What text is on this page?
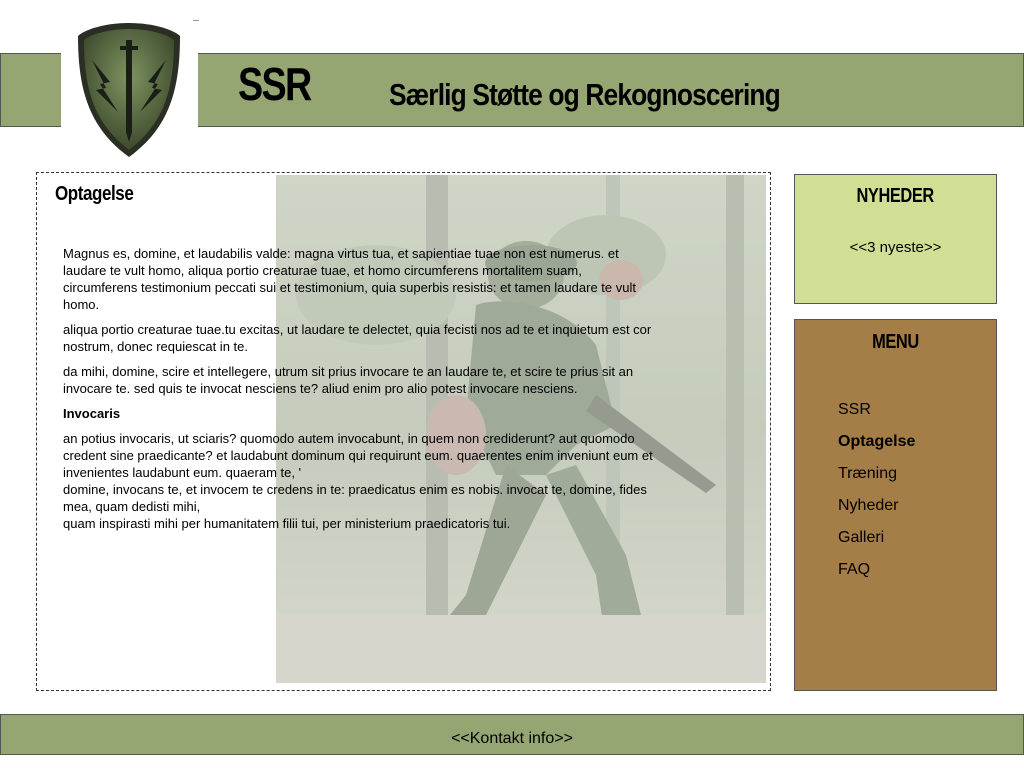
SSR	Særlig Støtte og Rekognoscering
Optagelse

Magnus es, domine, et laudabilis valde: magna virtus tua, et sapientiae tuae non est numerus. et laudare te vult homo, aliqua portio creaturae tuae, et homo circumferens mortalitem suam, circumferens testimonium peccati sui et testimonium, quia superbis resistis: et tamen laudare te vult homo.

aliqua portio creaturae tuae.tu excitas, ut laudare te delectet, quia fecisti nos ad te et inquietum est cor nostrum, donec requiescat in te.

da mihi, domine, scire et intellegere, utrum sit prius invocare te an laudare te, et scire te prius sit an invocare te. sed quis te invocat nesciens te? aliud enim pro alio potest invocare nesciens.

Invocaris

an potius invocaris, ut sciaris? quomodo autem invocabunt, in quem non crediderunt? aut quomodo credent sine praedicante? et laudabunt dominum qui requirunt eum. quaerentes enim inveniunt eum et invenientes laudabunt eum. quaeram te, '
domine, invocans te, et invocem te credens in te: praedicatus enim es nobis. invocat te, domine, fides mea, quam dedisti mihi,
quam inspirasti mihi per humanitatem filii tui, per ministerium praedicatoris tui.

NYHEDER
<<3 nyeste>>
MENU
SSR
Optagelse
Træning
Nyheder
Galleri
FAQ
<<Kontakt info>>
